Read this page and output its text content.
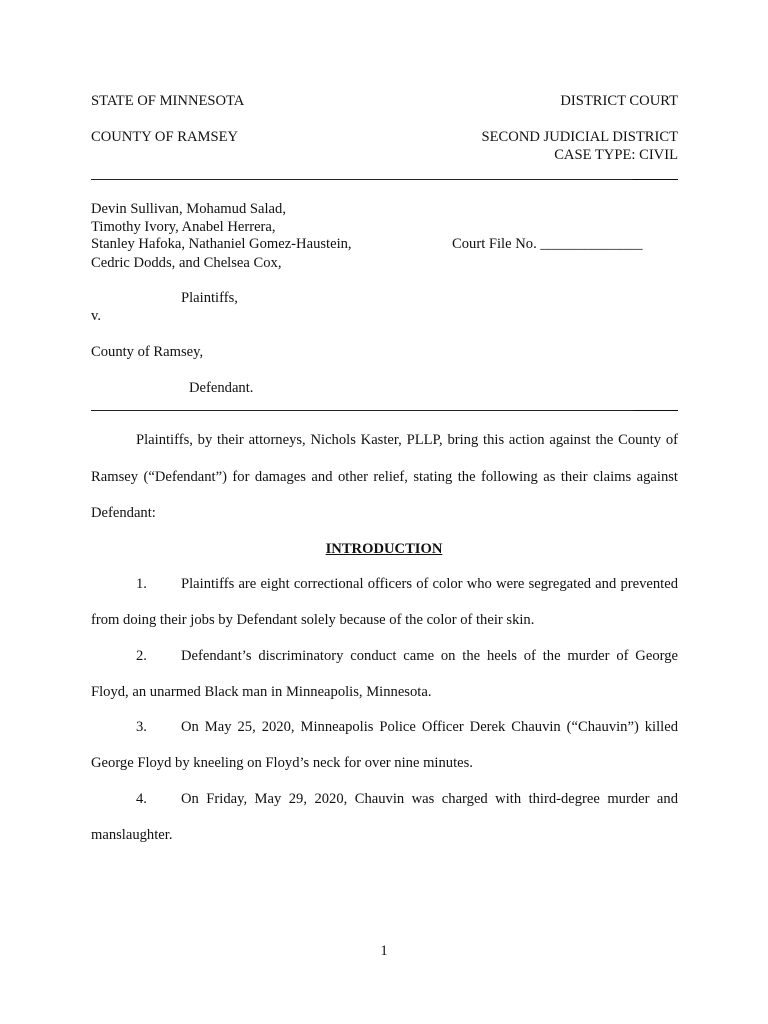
STATE OF MINNESOTA	DISTRICT COURT
COUNTY OF RAMSEY	SECOND JUDICIAL DISTRICT
CASE TYPE: CIVIL
Devin Sullivan, Mohamud Salad,
Timothy Ivory, Anabel Herrera,
Stanley Hafoka, Nathaniel Gomez-Haustein,
Cedric Dodds, and Chelsea Cox,
Court File No. ______________
Plaintiffs,
v.
County of Ramsey,
Defendant.
Plaintiffs, by their attorneys, Nichols Kaster, PLLP, bring this action against the County of
Ramsey (“Defendant”) for damages and other relief, stating the following as their claims against
Defendant:
INTRODUCTION
1. Plaintiffs are eight correctional officers of color who were segregated and prevented
from doing their jobs by Defendant solely because of the color of their skin.
2. Defendant’s discriminatory conduct came on the heels of the murder of George
Floyd, an unarmed Black man in Minneapolis, Minnesota.
3. On May 25, 2020, Minneapolis Police Officer Derek Chauvin (“Chauvin”) killed
George Floyd by kneeling on Floyd’s neck for over nine minutes.
4. On Friday, May 29, 2020, Chauvin was charged with third-degree murder and
manslaughter.
1
